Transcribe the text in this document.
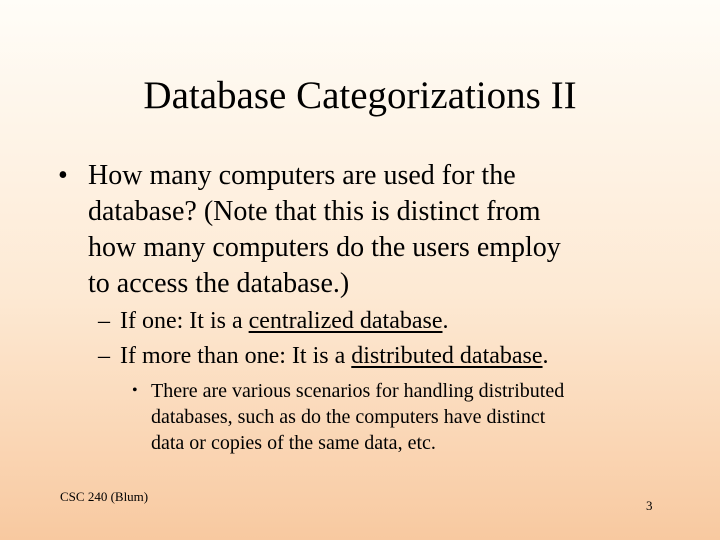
Database Categorizations II
• How many computers are used for the
database? (Note that this is distinct from
how many computers do the users employ
to access the database.)
– If one: It is a centralized database.
– If more than one: It is a distributed database.
• There are various scenarios for handling distributed
databases, such as do the computers have distinct
data or copies of the same data, etc.
CSC 240 (Blum)
3
